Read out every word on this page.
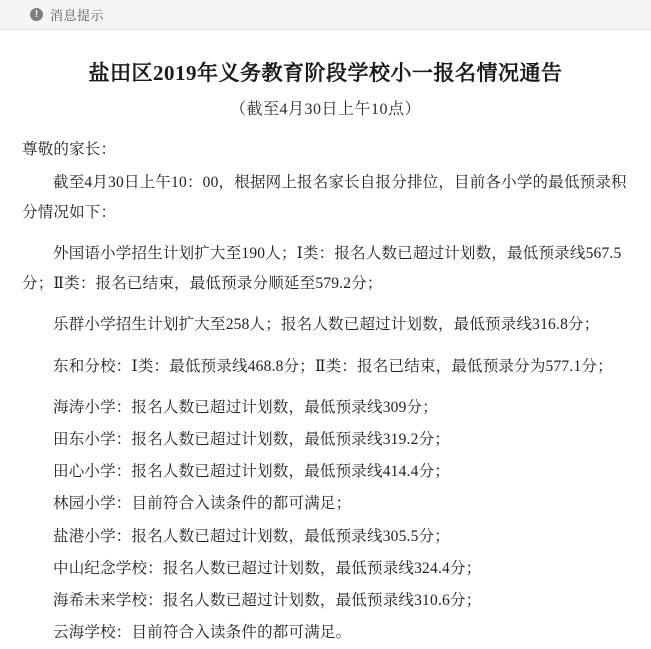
! 消息提示
盐田区2019年义务教育阶段学校小一报名情况通告
（截至4月30日上午10点）

尊敬的家长：

截至4月30日上午10：00，根据网上报名家长自报分排位，目前各小学的最低预录积分情况如下：

外国语小学招生计划扩大至190人；Ⅰ类：报名人数已超过计划数，最低预录线567.5分；Ⅱ类：报名已结束，最低预录分顺延至579.2分；

乐群小学招生计划扩大至258人；报名人数已超过计划数，最低预录线316.8分；

东和分校：Ⅰ类：最低预录线468.8分；Ⅱ类：报名已结束，最低预录分为577.1分；

海涛小学：报名人数已超过计划数，最低预录线309分；

田东小学：报名人数已超过计划数，最低预录线319.2分；

田心小学：报名人数已超过计划数，最低预录线414.4分；

林园小学：目前符合入读条件的都可满足；

盐港小学：报名人数已超过计划数，最低预录线305.5分；

中山纪念学校：报名人数已超过计划数，最低预录线324.4分；

海希未来学校：报名人数已超过计划数，最低预录线310.6分；

云海学校：目前符合入读条件的都可满足。
